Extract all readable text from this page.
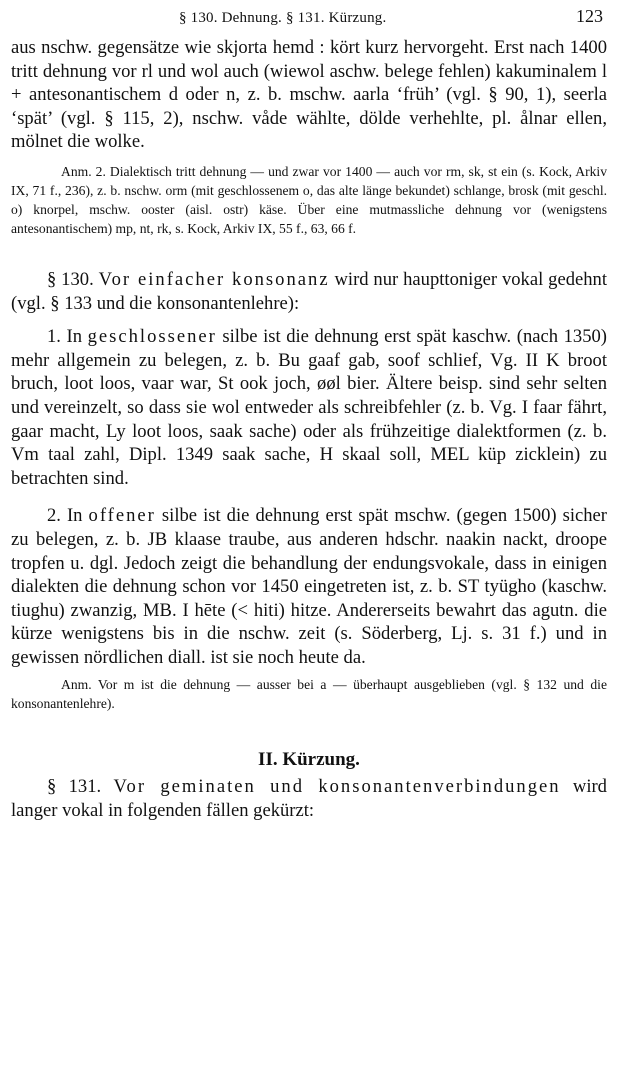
§ 130. Dehnung. § 131. Kürzung.	123

aus nschw. gegensätze wie skjorta hemd : kört kurz hervorgeht. Erst nach 1400 tritt dehnung vor rl und wol auch (wiewol aschw. belege fehlen) kakuminalem l + antesonantischem d oder n, z. b. mschw. aarla ‘früh’ (vgl. § 90, 1), seerla ‘spät’ (vgl. § 115, 2), nschw. våde wählte, dölde verhehlte, pl. ålnar ellen, mölnet die wolke.

Anm. 2. Dialektisch tritt dehnung — und zwar vor 1400 — auch vor rm, sk, st ein (s. Kock, Arkiv IX, 71 f., 236), z. b. nschw. orm (mit geschlossenem o, das alte länge bekundet) schlange, brosk (mit geschl. o) knorpel, mschw. ooster (aisl. ostr) käse. Über eine mutmassliche dehnung vor (wenigstens antesonantischem) mp, nt, rk, s. Kock, Arkiv IX, 55 f., 63, 66 f.

§ 130. Vor einfacher konsonanz wird nur haupttoniger vokal gedehnt (vgl. § 133 und die konsonantenlehre):

1. In geschlossener silbe ist die dehnung erst spät kaschw. (nach 1350) mehr allgemein zu belegen, z. b. Bu gaaf gab, soof schlief, Vg. II K broot bruch, loot loos, vaar war, St ook joch, øøl bier. Ältere beisp. sind sehr selten und vereinzelt, so dass sie wol entweder als schreibfehler (z. b. Vg. I faar fährt, gaar macht, Ly loot loos, saak sache) oder als frühzeitige dialektformen (z. b. Vm taal zahl, Dipl. 1349 saak sache, H skaal soll, MEL küp zicklein) zu betrachten sind.

2. In offener silbe ist die dehnung erst spät mschw. (gegen 1500) sicher zu belegen, z. b. JB klaase traube, aus anderen hdschr. naakin nackt, droope tropfen u. dgl. Jedoch zeigt die behandlung der endungsvokale, dass in einigen dialekten die dehnung schon vor 1450 eingetreten ist, z. b. ST tyügho (kaschw. tiughu) zwanzig, MB. I hēte (< hiti) hitze. Andererseits bewahrt das agutn. die kürze wenigstens bis in die nschw. zeit (s. Söderberg, Lj. s. 31 f.) und in gewissen nördlichen diall. ist sie noch heute da.

Anm. Vor m ist die dehnung — ausser bei a — überhaupt ausgeblieben (vgl. § 132 und die konsonantenlehre).

II. Kürzung.

§ 131. Vor geminaten und konsonantenverbindungen wird langer vokal in folgenden fällen gekürzt:
